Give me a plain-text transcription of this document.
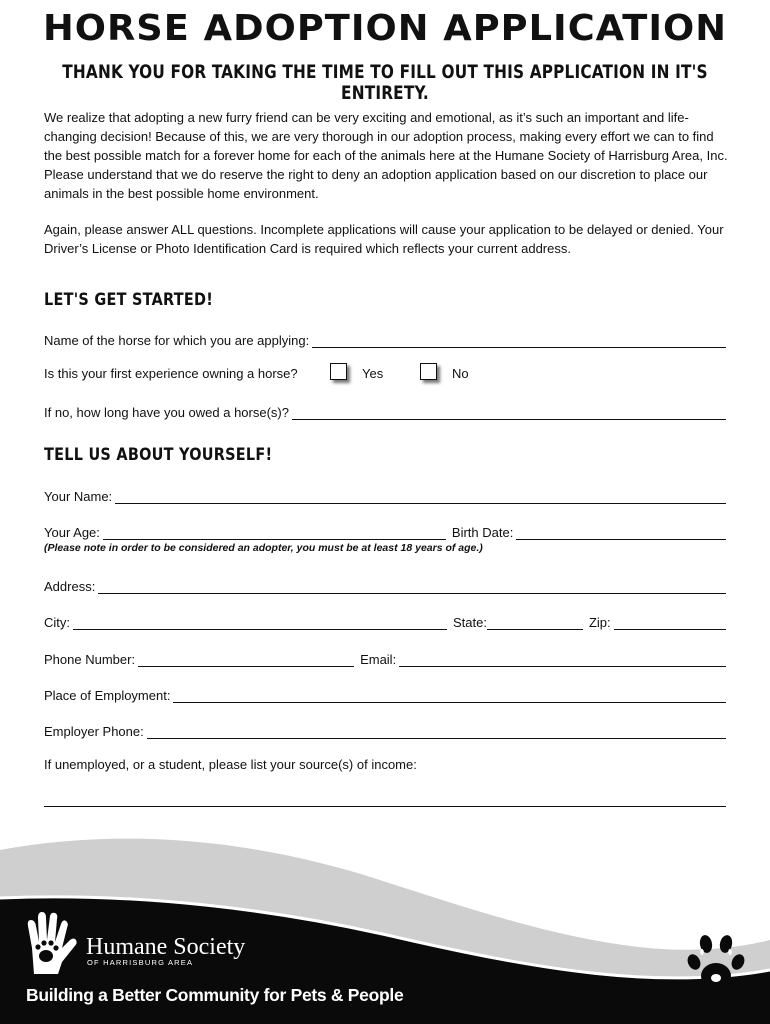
HORSE ADOPTION APPLICATION
THANK YOU FOR TAKING THE TIME TO FILL OUT THIS APPLICATION IN IT'S ENTIRETY.
We realize that adopting a new furry friend can be very exciting and emotional, as it’s such an important and life-changing decision! Because of this, we are very thorough in our adoption process, making every effort we can to find the best possible match for a forever home for each of the animals here at the Humane Society of Harrisburg Area, Inc. Please understand that we do reserve the right to deny an adoption application based on our discretion to place our animals in the best possible home environment.
Again, please answer ALL questions. Incomplete applications will cause your application to be delayed or denied. Your Driver’s License or Photo Identification Card is required which reflects your current address.
LET'S GET STARTED!
Name of the horse for which you are applying:
Is this your first experience owning a horse?	Yes	No
If no, how long have you owed a horse(s)?
TELL US ABOUT YOURSELF!
Your Name:
Your Age:	Birth Date:
(Please note in order to be considered an adopter, you must be at least 18 years of age.)
Address:
City:	State:	Zip:
Phone Number:	Email:
Place of Employment:
Employer Phone:
If unemployed, or a student, please list your source(s) of income:
Humane Society
OF HARRISBURG AREA
Building a Better Community for Pets & People
